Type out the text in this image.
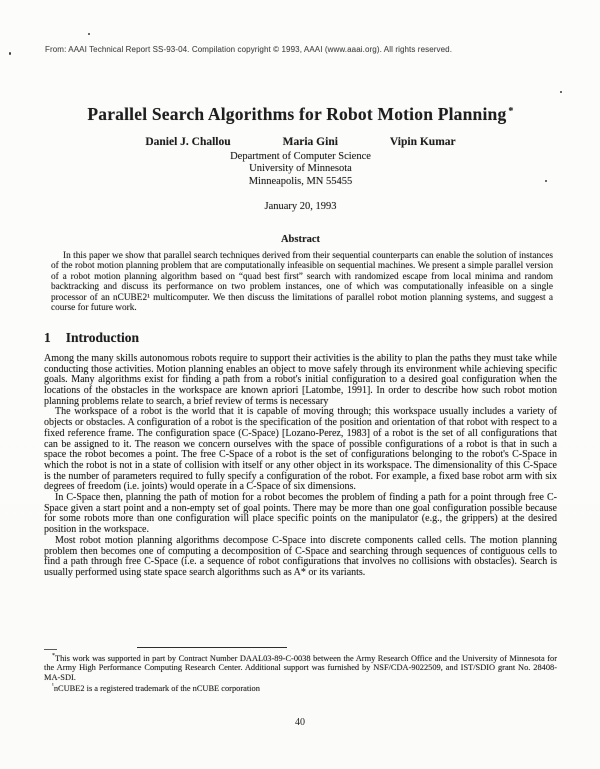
From: AAAI Technical Report SS-93-04. Compilation copyright © 1993, AAAI (www.aaai.org). All rights reserved.
Parallel Search Algorithms for Robot Motion Planning *
Daniel J. Challou	Maria Gini	Vipin Kumar
Department of Computer Science
University of Minnesota
Minneapolis, MN 55455
January 20, 1993
Abstract

In this paper we show that parallel search techniques derived from their sequential counterparts can enable the solution of instances of the robot motion planning problem that are computationally infeasible on sequential machines. We present a simple parallel version of a robot motion planning algorithm based on “quad best first” search with randomized escape from local minima and random backtracking and discuss its performance on two problem instances, one of which was computationally infeasible on a single processor of an nCUBE2¹ multicomputer. We then discuss the limitations of parallel robot motion planning systems, and suggest a course for future work.

1 Introduction

Among the many skills autonomous robots require to support their activities is the ability to plan the paths they must take while conducting those activities. Motion planning enables an object to move safely through its environment while achieving specific goals. Many algorithms exist for finding a path from a robot's initial configuration to a desired goal configuration when the locations of the obstacles in the workspace are known apriori [Latombe, 1991]. In order to describe how such robot motion planning problems relate to search, a brief review of terms is necessary

The workspace of a robot is the world that it is capable of moving through; this workspace usually includes a variety of objects or obstacles. A configuration of a robot is the specification of the position and orientation of that robot with respect to a fixed reference frame. The configuration space (C-Space) [Lozano-Perez, 1983] of a robot is the set of all configurations that can be assigned to it. The reason we concern ourselves with the space of possible configurations of a robot is that in such a space the robot becomes a point. The free C-Space of a robot is the set of configurations belonging to the robot's C-Space in which the robot is not in a state of collision with itself or any other object in its workspace. The dimensionality of this C-Space is the number of parameters required to fully specify a configuration of the robot. For example, a fixed base robot arm with six degrees of freedom (i.e. joints) would operate in a C-Space of six dimensions.

In C-Space then, planning the path of motion for a robot becomes the problem of finding a path for a point through free C-Space given a start point and a non-empty set of goal points. There may be more than one goal configuration possible because for some robots more than one configuration will place specific points on the manipulator (e.g., the grippers) at the desired position in the workspace.

Most robot motion planning algorithms decompose C-Space into discrete components called cells. The motion planning problem then becomes one of computing a decomposition of C-Space and searching through sequences of contiguous cells to find a path through free C-Space (i.e. a sequence of robot configurations that involves no collisions with obstacles). Search is usually performed using state space search algorithms such as A* or its variants.

*This work was supported in part by Contract Number DAAL03-89-C-0038 between the Army Research Office and the University of Minnesota for the Army High Performance Computing Research Center. Additional support was furnished by NSF/CDA-9022509, and IST/SDIO grant No. 28408-MA-SDI.

$^{^1}$nCUBE2 is a registered trademark of the nCUBE corporation

40
